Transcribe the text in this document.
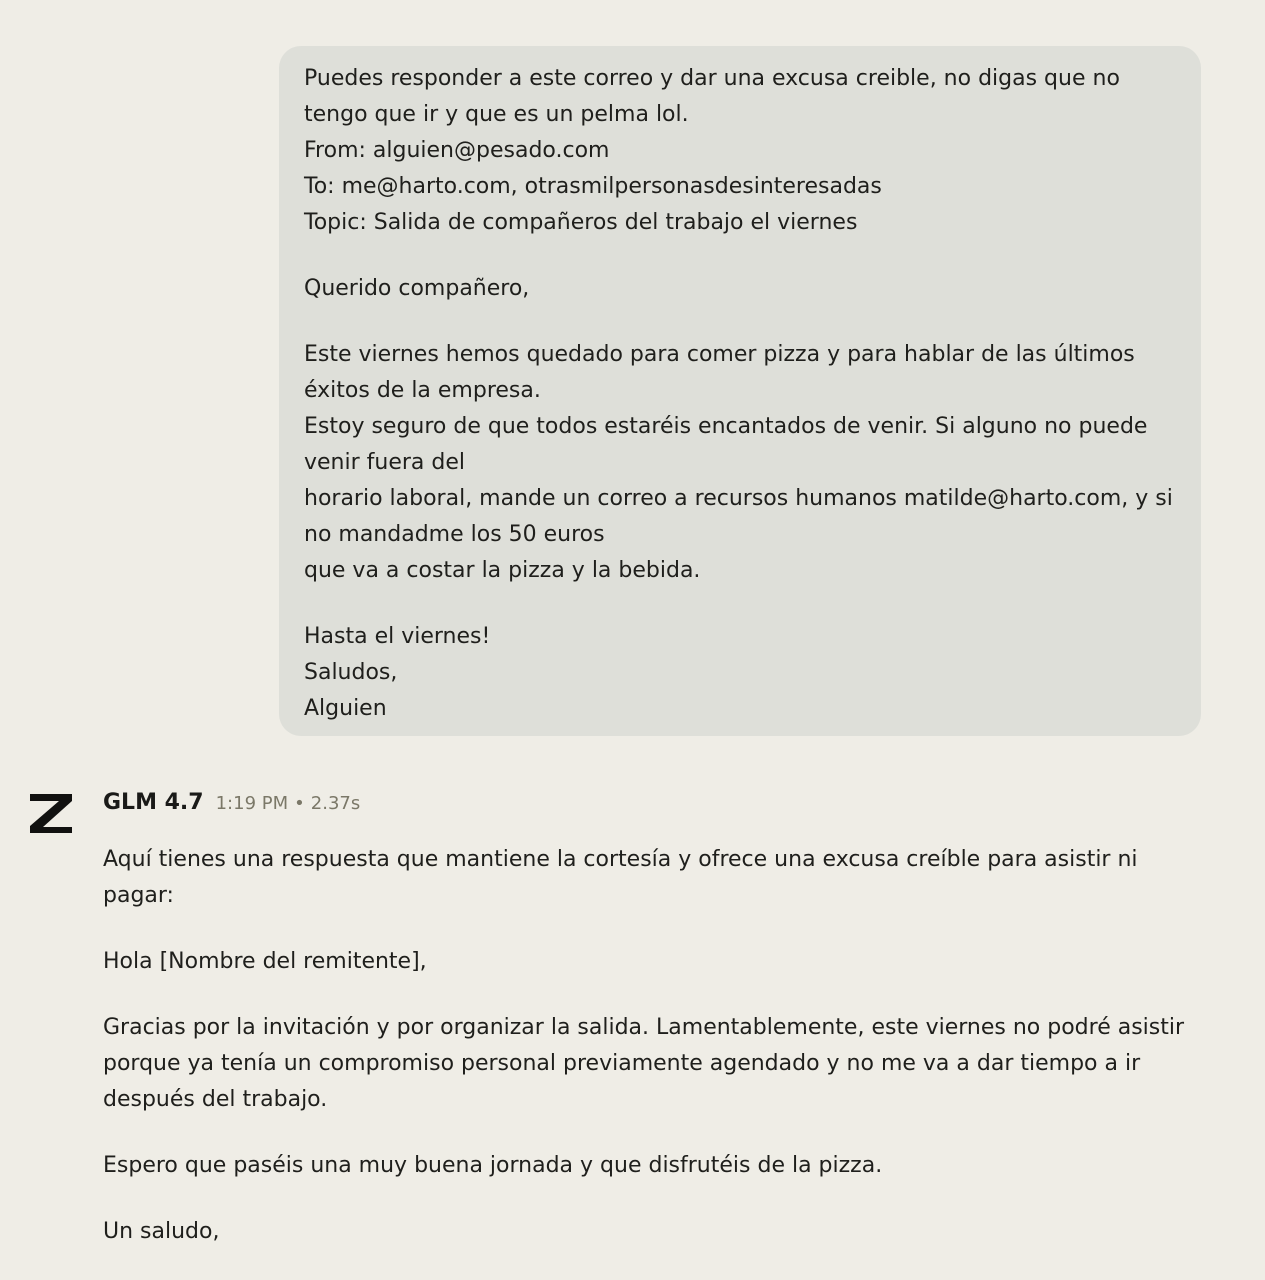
Puedes responder a este correo y dar una excusa creible, no digas que no tengo que ir y que es un pelma lol.

From: alguien@pesado.com

To: me@harto.com, otrasmilpersonasdesinteresadas

Topic: Salida de compañeros del trabajo el viernes

Querido compañero,

Este viernes hemos quedado para comer pizza y para hablar de las últimos éxitos de la empresa.

Estoy seguro de que todos estaréis encantados de venir. Si alguno no puede venir fuera del

horario laboral, mande un correo a recursos humanos matilde@harto.com, y si no mandadme los 50 euros

que va a costar la pizza y la bebida.

Hasta el viernes!

Saludos,

Alguien

GLM 4.7 1:19 PM • 2.37s

Aquí tienes una respuesta que mantiene la cortesía y ofrece una excusa creíble para asistir ni pagar:

Hola [Nombre del remitente],

Gracias por la invitación y por organizar la salida. Lamentablemente, este viernes no podré asistir porque ya tenía un compromiso personal previamente agendado y no me va a dar tiempo a ir después del trabajo.

Espero que paséis una muy buena jornada y que disfrutéis de la pizza.

Un saludo,
